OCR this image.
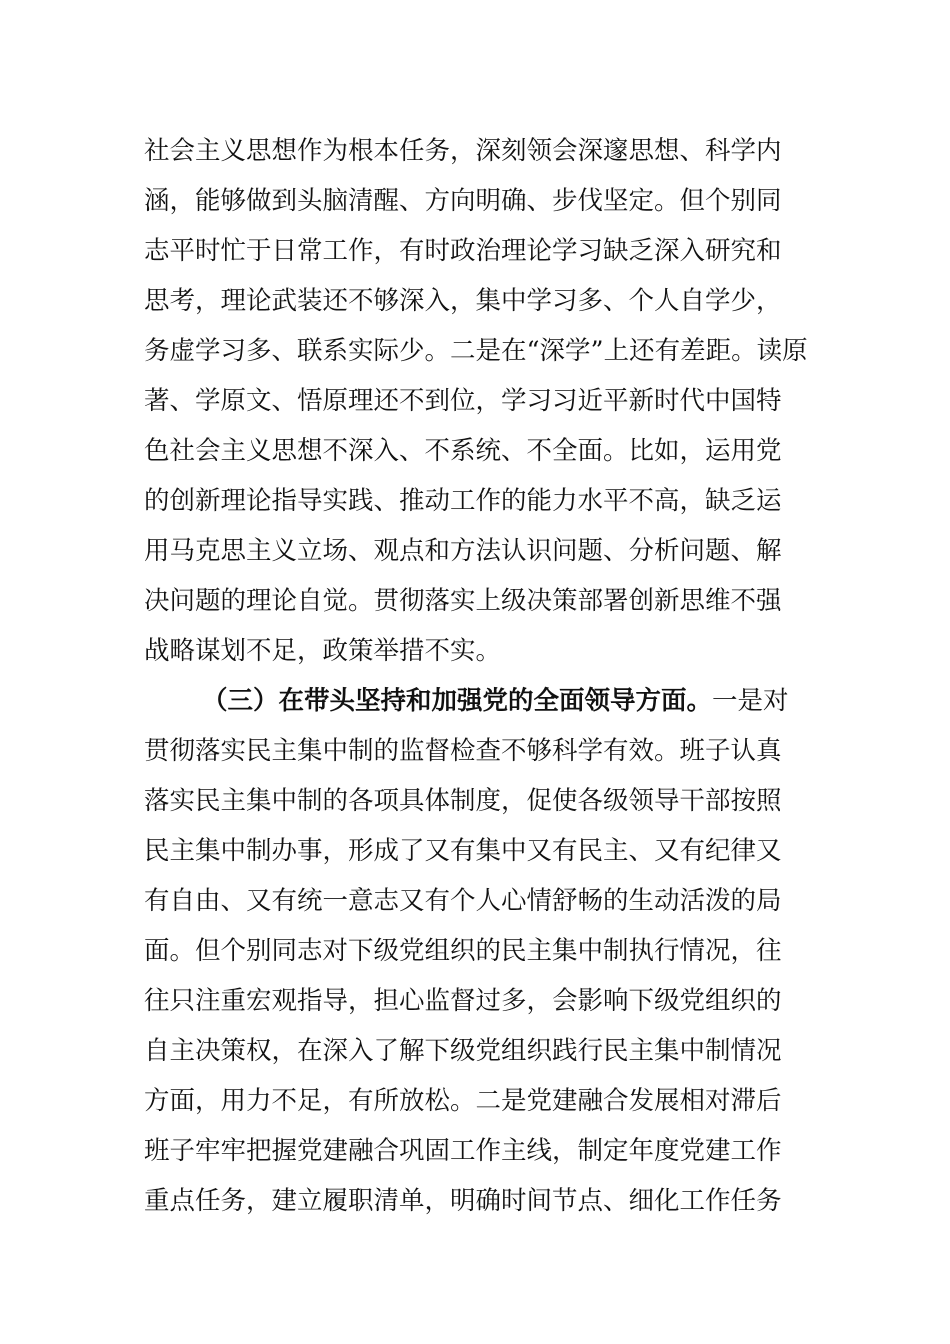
社会主义思想作为根本任务，深刻领会深邃思想、科学内
涵，能够做到头脑清醒、方向明确、步伐坚定。但个别同
志平时忙于日常工作，有时政治理论学习缺乏深入研究和
思考，理论武装还不够深入，集中学习多、个人自学少，
务虚学习多、联系实际少。二是在“深学”上还有差距。读原
著、学原文、悟原理还不到位，学习习近平新时代中国特
色社会主义思想不深入、不系统、不全面。比如，运用党
的创新理论指导实践、推动工作的能力水平不高，缺乏运
用马克思主义立场、观点和方法认识问题、分析问题、解
决问题的理论自觉。贯彻落实上级决策部署创新思维不强
战略谋划不足，政策举措不实。
（三）在带头坚持和加强党的全面领导方面。一是对
贯彻落实民主集中制的监督检查不够科学有效。班子认真
落实民主集中制的各项具体制度，促使各级领导干部按照
民主集中制办事，形成了又有集中又有民主、又有纪律又
有自由、又有统一意志又有个人心情舒畅的生动活泼的局
面。但个别同志对下级党组织的民主集中制执行情况，往
往只注重宏观指导，担心监督过多，会影响下级党组织的
自主决策权，在深入了解下级党组织践行民主集中制情况
方面，用力不足，有所放松。二是党建融合发展相对滞后
班子牢牢把握党建融合巩固工作主线，制定年度党建工作
重点任务，建立履职清单，明确时间节点、细化工作任务
